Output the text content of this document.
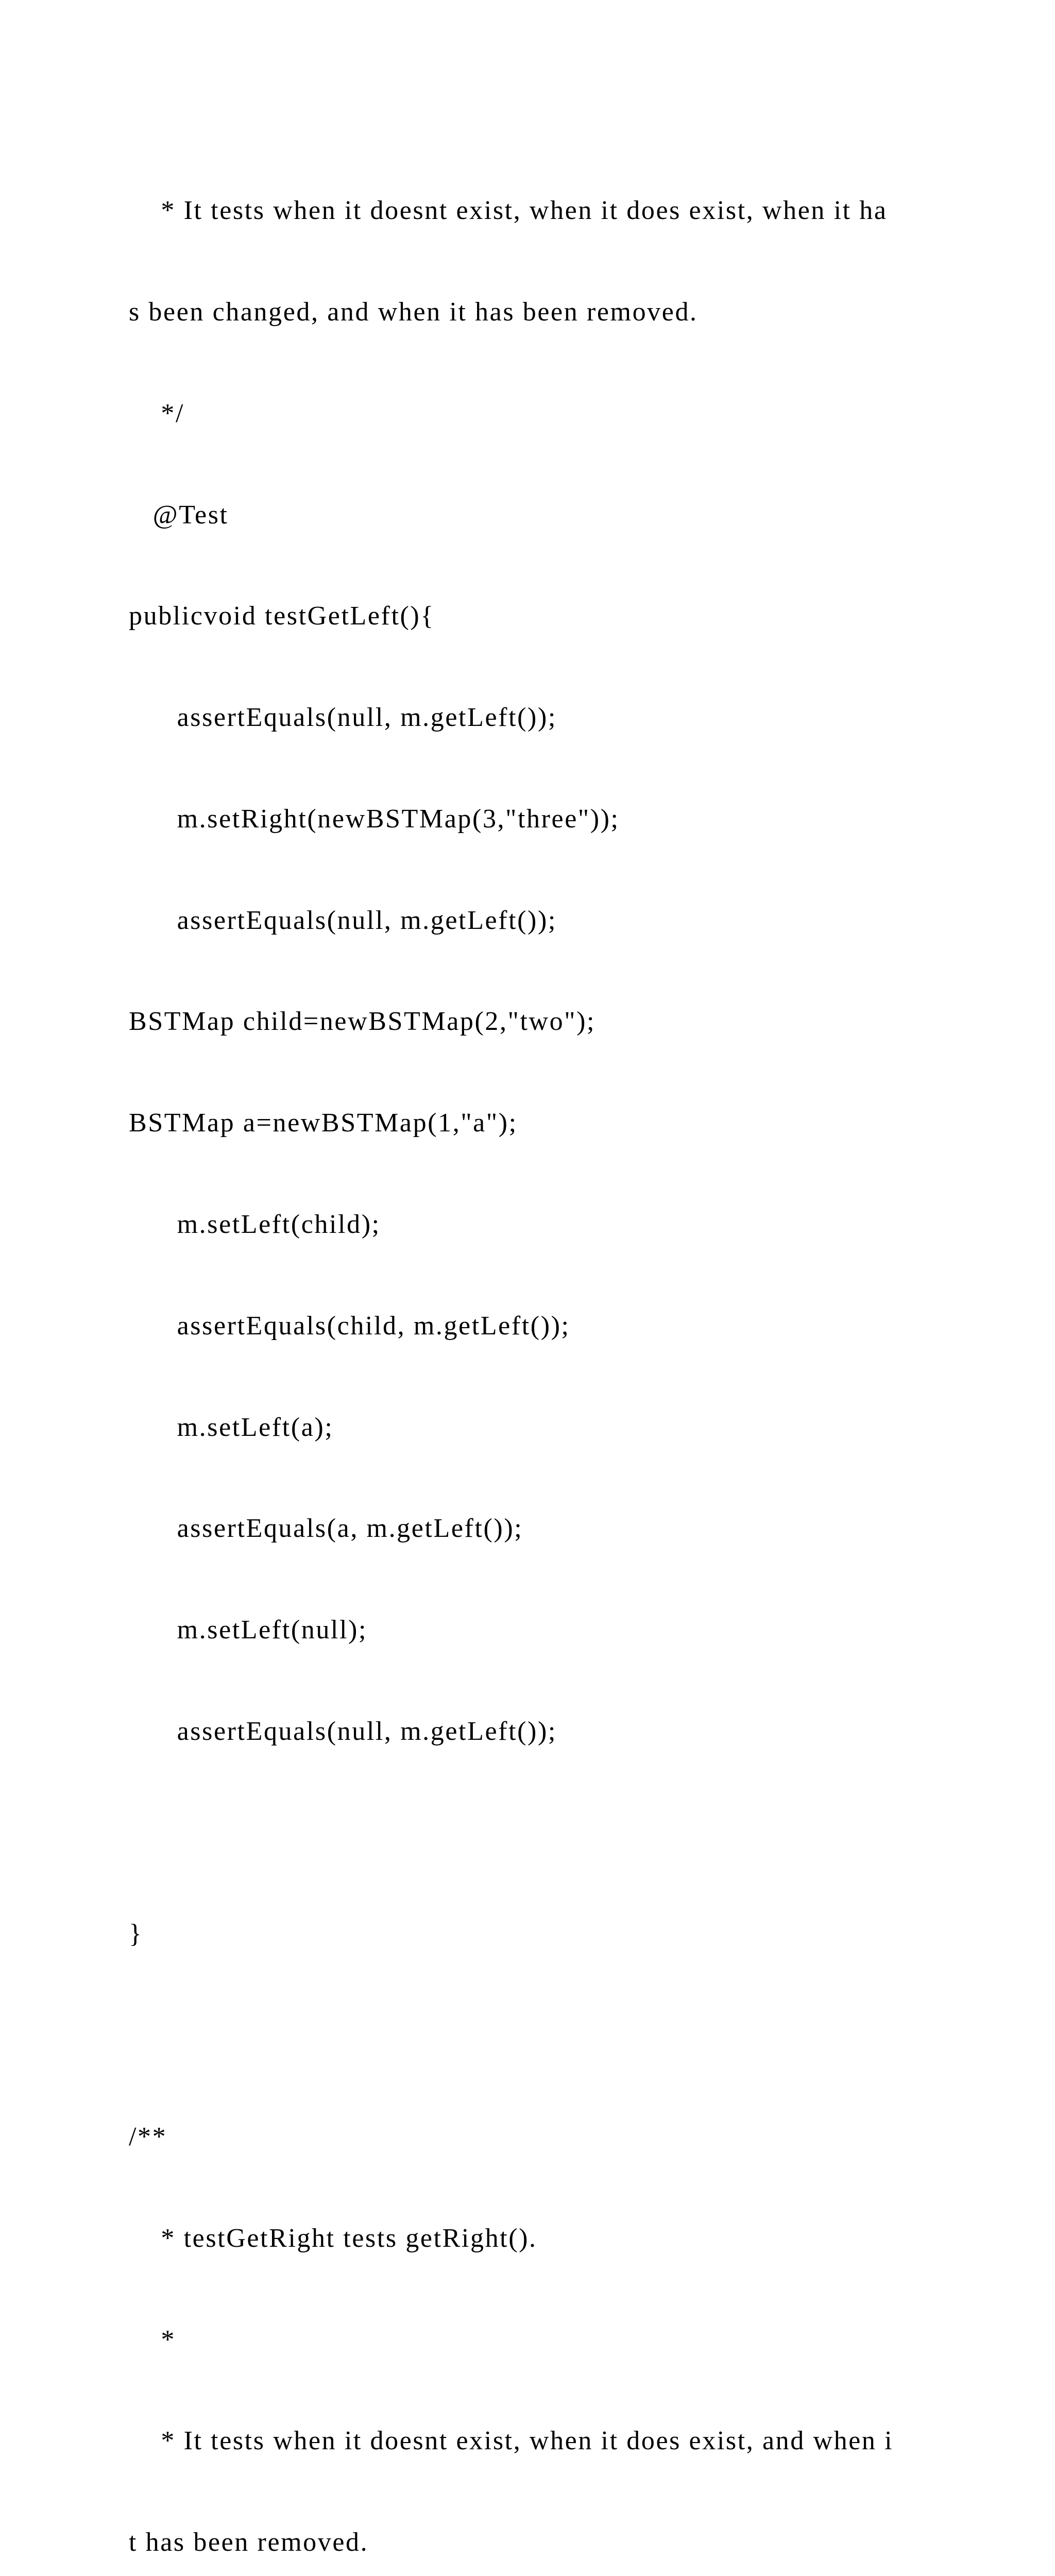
* It tests when it doesnt exist, when it does exist, when it ha

s been changed, and when it has been removed.

*/

@Test

publicvoid testGetLeft(){

assertEquals(null, m.getLeft());

m.setRight(newBSTMap(3,"three"));

assertEquals(null, m.getLeft());

BSTMap child=newBSTMap(2,"two");

BSTMap a=newBSTMap(1,"a");

m.setLeft(child);

assertEquals(child, m.getLeft());

m.setLeft(a);

assertEquals(a, m.getLeft());

m.setLeft(null);

assertEquals(null, m.getLeft());

}

/**

* testGetRight tests getRight().

*

* It tests when it doesnt exist, when it does exist, and when i

t has been removed.
